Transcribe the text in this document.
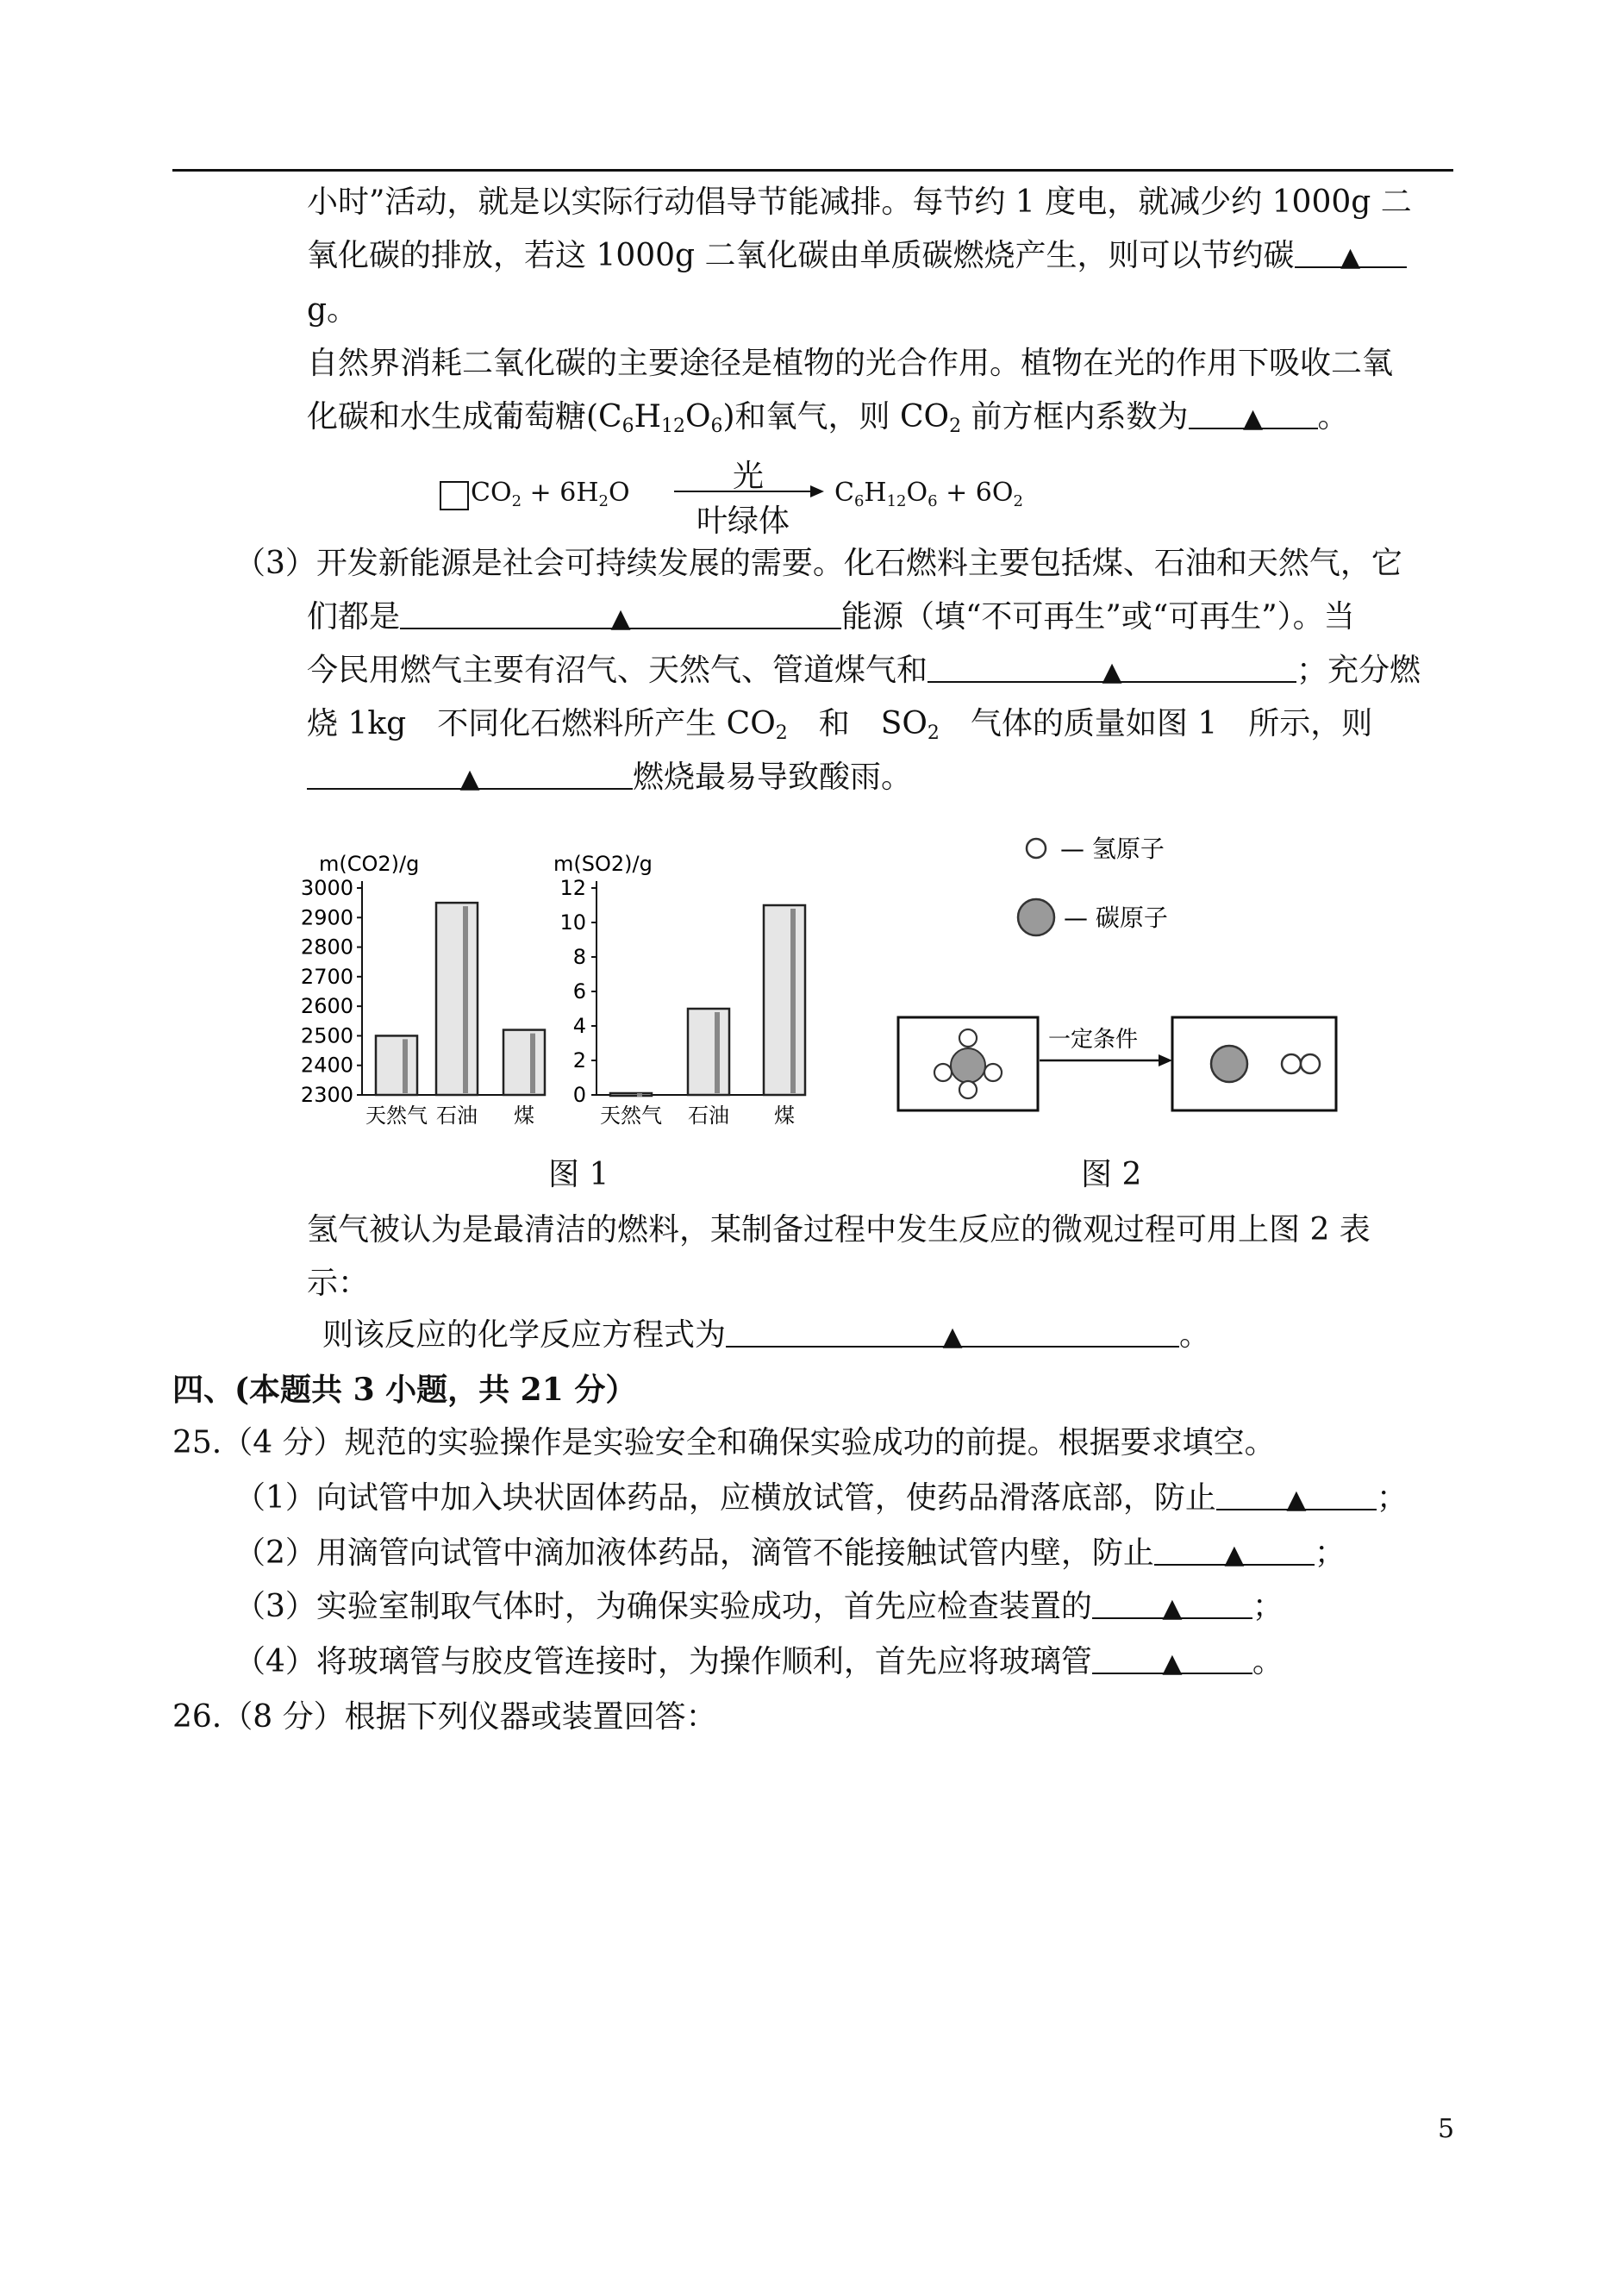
小时”活动，就是以实际行动倡导节能减排。每节约 1 度电，就减少约 1000g 二
氧化碳的排放，若这 1000g 二氧化碳由单质碳燃烧产生，则可以节约碳 ▲
g。
自然界消耗二氧化碳的主要途径是植物的光合作用。植物在光的作用下吸收二氧
化碳和水生成葡萄糖$(C_6H_{12}O_6)$和氧气，则 $CO_2$ 前方框内系数为 ▲ 。
$CO_2 + 6H_2O$	光
叶绿体
$C_6H_{12}O_6 + 6O_2$
（3）开发新能源是社会可持续发展的需要。化石燃料主要包括煤、石油和天然气，它
们都是	▲	能源（填“不可再生”或“可再生”）。当
今民用燃气主要有沼气、天然气、管道煤气和	▲	；充分燃
烧 1kg　不同化石燃料所产生 $CO_2$　和　$SO_2$　气体的质量如图 1　所示，则
▲	燃烧最易导致酸雨。
m(CO2)/g
3000
2900
2800
2700
2600
2500
2400
2300
天然气 石油 煤
m(SO2)/g
12
10
8
6
4
2
0
天然气 石油 煤
— 氢原子
— 碳原子
一定条件
图 1	图 2
氢气被认为是最清洁的燃料，某制备过程中发生反应的微观过程可用上图 2 表
示：
则该反应的化学反应方程式为	▲	。
四、(本题共 3 小题，共 21 分）
25.（4 分）规范的实验操作是实验安全和确保实验成功的前提。根据要求填空。
（1）向试管中加入块状固体药品，应横放试管，使药品滑落底部，防止	▲ ；
（2）用滴管向试管中滴加液体药品，滴管不能接触试管内壁，防止	▲ ；
（3）实验室制取气体时，为确保实验成功，首先应检查装置的	▲ ；
（4）将玻璃管与胶皮管连接时，为操作顺利，首先应将玻璃管	▲ 。
26.（8 分）根据下列仪器或装置回答：
5
